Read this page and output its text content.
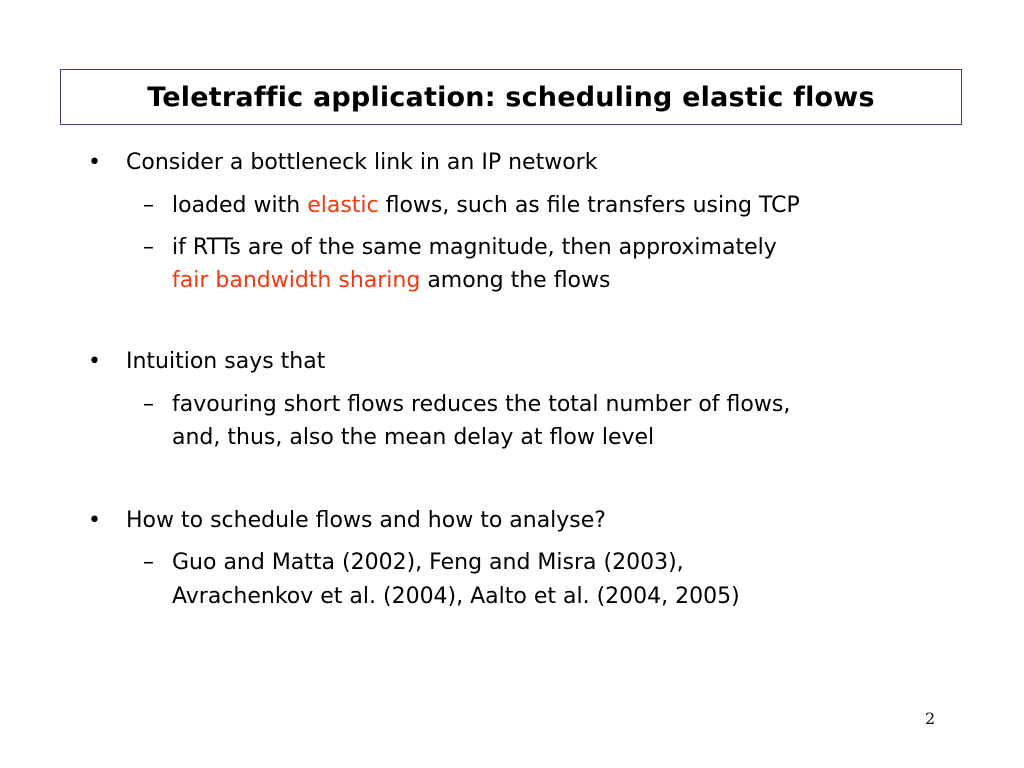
Teletraffic application: scheduling elastic flows
• Consider a bottleneck link in an IP network
– loaded with elastic flows, such as file transfers using TCP
– if RTTs are of the same magnitude, then approximately
fair bandwidth sharing among the flows
• Intuition says that
– favouring short flows reduces the total number of flows,
and, thus, also the mean delay at flow level
• How to schedule flows and how to analyse?
– Guo and Matta (2002), Feng and Misra (2003),
Avrachenkov et al. (2004), Aalto et al. (2004, 2005)
2
